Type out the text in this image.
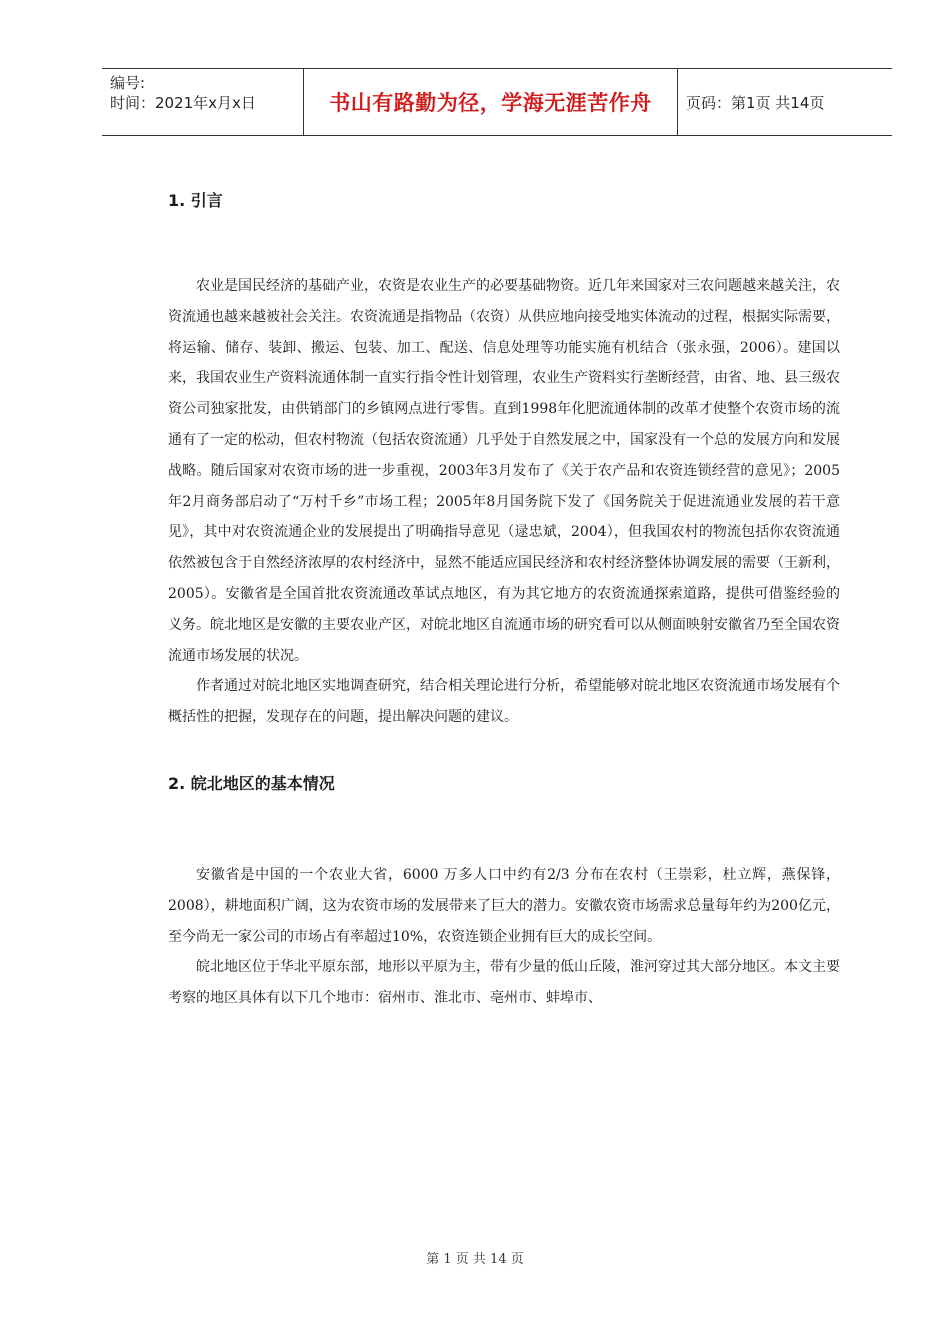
编号:
时间：2021年x月x日	书山有路勤为径，学海无涯苦作舟	页码：第1页 共14页
1. 引言

农业是国民经济的基础产业，农资是农业生产的必要基础物资。近几年来国家对三农问题越来越关注，农资流通也越来越被社会关注。农资流通是指物品（农资）从供应地向接受地实体流动的过程，根据实际需要，将运输、储存、装卸、搬运、包装、加工、配送、信息处理等功能实施有机结合（张永强，2006）。建国以来，我国农业生产资料流通体制一直实行指令性计划管理，农业生产资料实行垄断经营，由省、地、县三级农资公司独家批发，由供销部门的乡镇网点进行零售。直到1998年化肥流通体制的改革才使整个农资市场的流通有了一定的松动，但农村物流（包括农资流通）几乎处于自然发展之中，国家没有一个总的发展方向和发展战略。随后国家对农资市场的进一步重视，2003年3月发布了《关于农产品和农资连锁经营的意见》；2005年2月商务部启动了“万村千乡”市场工程；2005年8月国务院下发了《国务院关于促进流通业发展的若干意见》，其中对农资流通企业的发展提出了明确指导意见（逯忠斌，2004），但我国农村的物流包括你农资流通依然被包含于自然经济浓厚的农村经济中，显然不能适应国民经济和农村经济整体协调发展的需要（王新利，2005）。安徽省是全国首批农资流通改革试点地区，有为其它地方的农资流通探索道路，提供可借鉴经验的义务。皖北地区是安徽的主要农业产区，对皖北地区自流通市场的研究看可以从侧面映射安徽省乃至全国农资流通市场发展的状况。

作者通过对皖北地区实地调查研究，结合相关理论进行分析，希望能够对皖北地区农资流通市场发展有个概括性的把握，发现存在的问题，提出解决问题的建议。

2. 皖北地区的基本情况

安徽省是中国的一个农业大省，6000 万多人口中约有2/3 分布在农村（王崇彩，杜立辉，燕保锋，2008），耕地面积广阔，这为农资市场的发展带来了巨大的潜力。安徽农资市场需求总量每年约为200亿元，至今尚无一家公司的市场占有率超过10%，农资连锁企业拥有巨大的成长空间。

皖北地区位于华北平原东部，地形以平原为主，带有少量的低山丘陵，淮河穿过其大部分地区。本文主要考察的地区具体有以下几个地市：宿州市、淮北市、亳州市、蚌埠市、

第 1 页 共 14 页
